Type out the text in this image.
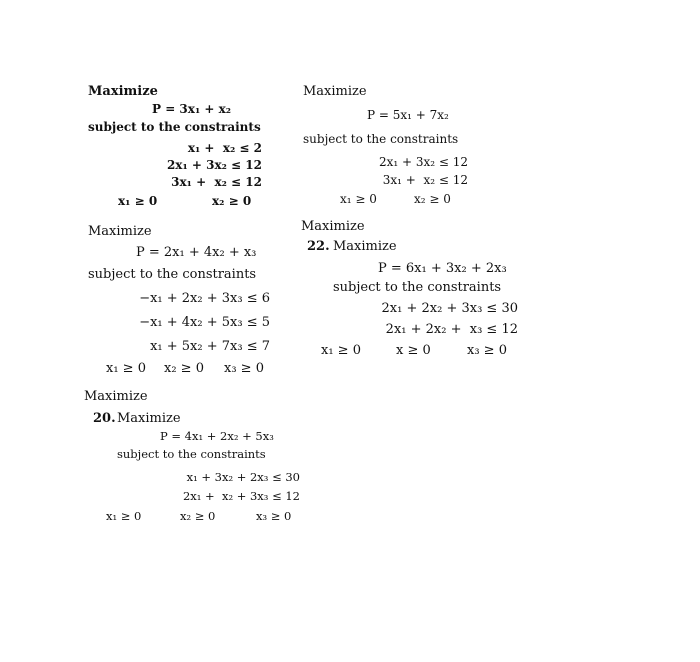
Maximize
P = 3x₁ + x₂
subject to the constraints
x₁ +  x₂ ≤ 2
2x₁ + 3x₂ ≤ 12
3x₁ +  x₂ ≤ 12
x₁ ≥ 0	x₂ ≥ 0
Maximize
P = 5x₁ + 7x₂
subject to the constraints
2x₁ + 3x₂ ≤ 12
3x₁ +  x₂ ≤ 12
x₁ ≥ 0	x₂ ≥ 0
Maximize
P = 2x₁ + 4x₂ + x₃
subject to the constraints
−x₁ + 2x₂ + 3x₃ ≤ 6
−x₁ + 4x₂ + 5x₃ ≤ 5
x₁ + 5x₂ + 7x₃ ≤ 7
x₁ ≥ 0 x₂ ≥ 0 x₃ ≥ 0
Maximize
22. Maximize
P = 6x₁ + 3x₂ + 2x₃
subject to the constraints
2x₁ + 2x₂ + 3x₃ ≤ 30
2x₁ + 2x₂ +  x₃ ≤ 12
x₁ ≥ 0	x ≥ 0	x₃ ≥ 0
Maximize
20. Maximize
P = 4x₁ + 2x₂ + 5x₃
subject to the constraints
x₁ + 3x₂ + 2x₃ ≤ 30
2x₁ +  x₂ + 3x₃ ≤ 12
x₁ ≥ 0	x₂ ≥ 0	x₃ ≥ 0
